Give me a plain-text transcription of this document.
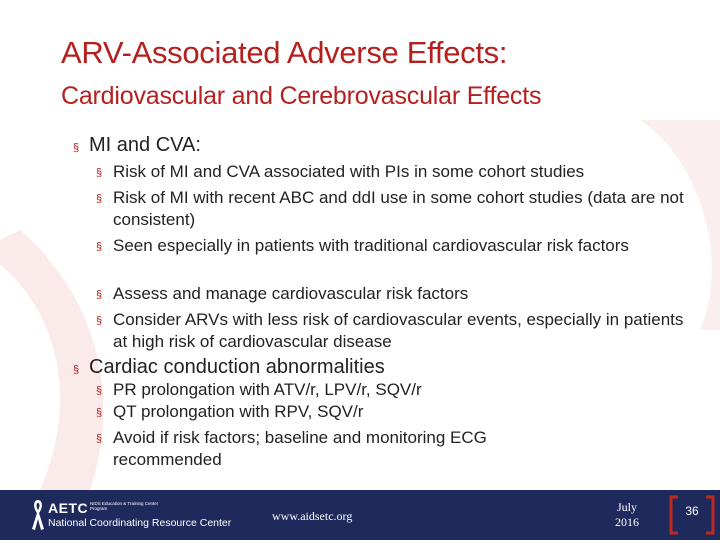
ARV-Associated Adverse Effects:
Cardiovascular and Cerebrovascular Effects
§ MI and CVA:
§ Risk of MI and CVA associated with PIs in some cohort studies
§ Risk of MI with recent ABC and ddI use in some cohort studies (data are not consistent)
§ Seen especially in patients with traditional cardiovascular risk factors
§ Assess and manage cardiovascular risk factors
§ Consider ARVs with less risk of cardiovascular events, especially in patients at high risk of cardiovascular disease
§ Cardiac conduction abnormalities
§ PR prolongation with ATV/r, LPV/r, SQV/r
§ QT prolongation with RPV, SQV/r
§ Avoid if risk factors; baseline and monitoring ECG recommended
AETC NIDS Education & Training Center Program
National Coordinating Resource Center	www.aidsetc.org
July
2016
36
